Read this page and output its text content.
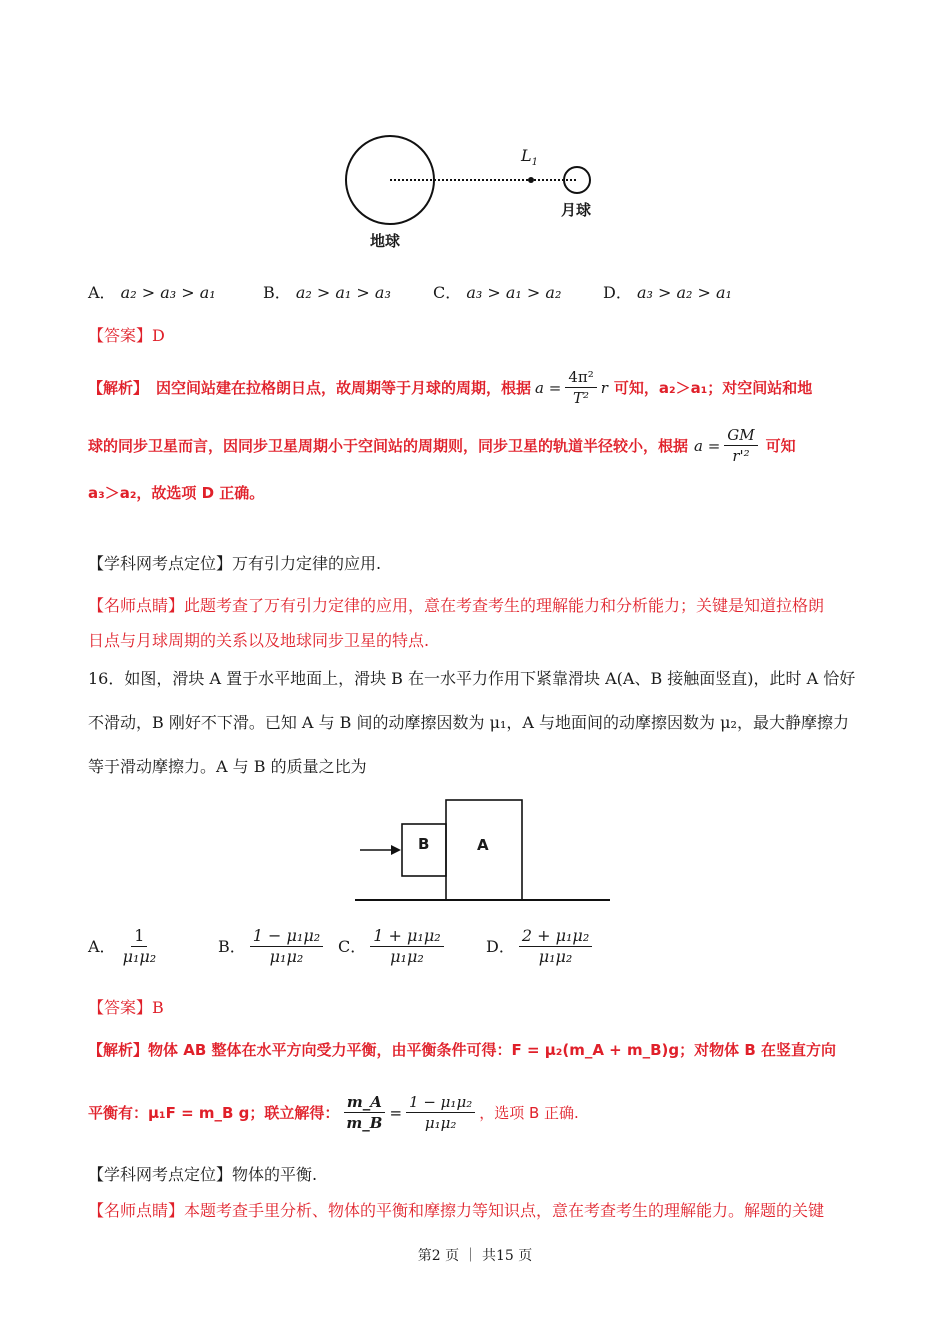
$L_1$
地球
月球
A． a₂ > a₃ > a₁	B． a₂ > a₁ > a₃	C． a₃ > a₁ > a₂	D． a₃ > a₂ > a₁
【答案】D
【解析】 因空间站建在拉格朗日点，故周期等于月球的周期，根据 $a = \frac{\text{4π²}}{\text{T²}}$ r 可知，a₂＞a₁；对空间站和地
球的同步卫星而言，因同步卫星周期小于空间站的周期则，同步卫星的轨道半径较小，根据 $a = \frac{GM}{\text{r'²}}$ 可知
a₃＞a₂，故选项 D 正确。
【学科网考点定位】万有引力定律的应用.
【名师点睛】此题考查了万有引力定律的应用，意在考查考生的理解能力和分析能力；关键是知道拉格朗
日点与月球周期的关系以及地球同步卫星的特点.
16．如图，滑块 A 置于水平地面上，滑块 B 在一水平力作用下紧靠滑块 A(A、B 接触面竖直)，此时 A 恰好
不滑动，B 刚好不下滑。已知 A 与 B 间的动摩擦因数为 μ₁，A 与地面间的动摩擦因数为 μ₂，最大静摩擦力
等于滑动摩擦力。A 与 B 的质量之比为
B	A
A． $\frac{1}{\text{μ₁μ₂}}$	B． $\frac{\text{1 − μ₁μ₂}}{\text{μ₁μ₂}}$ C． $\frac{\text{1 + μ₁μ₂}}{\text{μ₁μ₂}}$	D． $\frac{\text{2 + μ₁μ₂}}{\text{μ₁μ₂}}$
【答案】B
【解析】物体 AB 整体在水平方向受力平衡，由平衡条件可得：F = μ₂(m_A + m_B)g；对物体 B 在竖直方向
平衡有：μ₁F = m_B g；联立解得： $\frac{m\_A}{m\_B} = \frac{\text{1 − μ₁μ₂}}{\text{μ₁μ₂}}$ ，选项 B 正确.
【学科网考点定位】物体的平衡.
【名师点睛】本题考查手里分析、物体的平衡和摩擦力等知识点，意在考查考生的理解能力。解题的关键
第2 页 ｜ 共15 页
